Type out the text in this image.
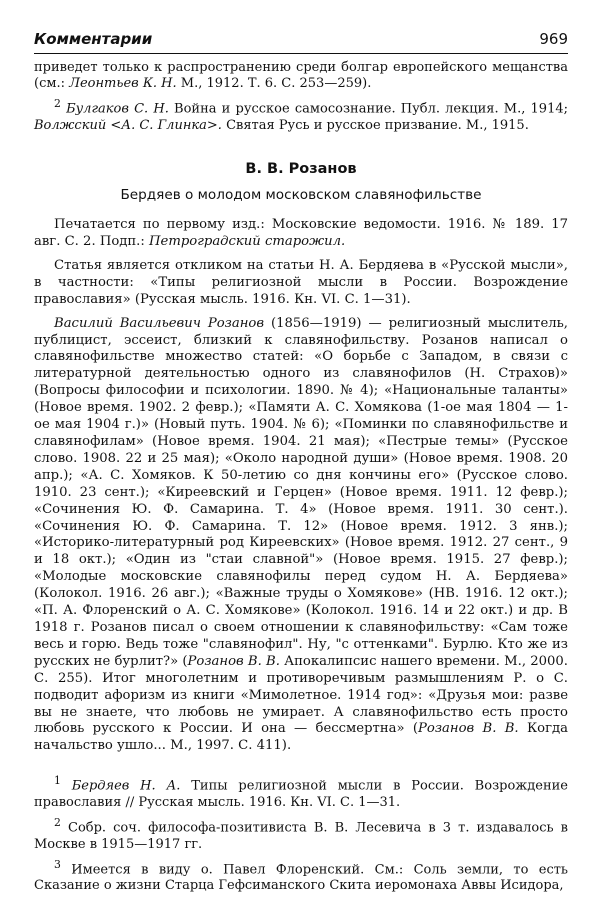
Комментарии	969

приведет только к распространению среди болгар европейского мещанства (см.: Леонтьев К. Н. М., 1912. Т. 6. С. 253—259).

$^2$ Булгаков С. Н. Война и русское самосознание. Публ. лекция. М., 1914; Волжский <А. С. Глинка>. Святая Русь и русское призвание. М., 1915.

В. В. Розанов
Бердяев о молодом московском славянофильстве

Печатается по первому изд.: Московские ведомости. 1916. № 189. 17 авг. С. 2. Подп.: Петроградский старожил.

Статья является откликом на статьи Н. А. Бердяева в «Русской мысли», в частности: «Типы религиозной мысли в России. Возрождение православия» (Русская мысль. 1916. Кн. VI. С. 1—31).

Василий Васильевич Розанов (1856—1919) — религиозный мыслитель, публицист, эссеист, близкий к славянофильству. Розанов написал о славянофильстве множество статей: «О борьбе с Западом, в связи с литературной деятельностью одного из славянофилов (Н. Страхов)» (Вопросы философии и психологии. 1890. № 4); «Национальные таланты» (Новое время. 1902. 2 февр.); «Памяти А. С. Хомякова (1-ое мая 1804 — 1-ое мая 1904 г.)» (Новый путь. 1904. № 6); «Поминки по славянофильстве и славянофилам» (Новое время. 1904. 21 мая); «Пестрые темы» (Русское слово. 1908. 22 и 25 мая); «Около народной души» (Новое время. 1908. 20 апр.); «А. С. Хомяков. К 50-летию со дня кончины его» (Русское слово. 1910. 23 сент.); «Киреевский и Герцен» (Новое время. 1911. 12 февр.); «Сочинения Ю. Ф. Самарина. Т. 4» (Новое время. 1911. 30 сент.). «Сочинения Ю. Ф. Самарина. Т. 12» (Новое время. 1912. 3 янв.); «Историко-литературный род Киреевских» (Новое время. 1912. 27 сент., 9 и 18 окт.); «Один из "стаи славной"» (Новое время. 1915. 27 февр.); «Молодые московские славянофилы перед судом Н. А. Бердяева» (Колокол. 1916. 26 авг.); «Важные труды о Хомякове» (НВ. 1916. 12 окт.); «П. А. Флоренский о А. С. Хомякове» (Колокол. 1916. 14 и 22 окт.) и др. В 1918 г. Розанов писал о своем отношении к славянофильству: «Сам тоже весь и горю. Ведь тоже "славянофил". Ну, "с оттенками". Бурлю. Кто же из русских не бурлит?» (Розанов В. В. Апокалипсис нашего времени. М., 2000. С. 255). Итог многолетним и противоречивым размышлениям Р. о С. подводит афоризм из книги «Мимолетное. 1914 год»: «Друзья мои: разве вы не знаете, что любовь не умирает. А славянофильство есть просто любовь русского к России. И она — бессмертна» (Розанов В. В. Когда начальство ушло... М., 1997. С. 411).

$^1$ Бердяев Н. А. Типы религиозной мысли в России. Возрождение православия // Русская мысль. 1916. Кн. VI. С. 1—31.

$^2$ Собр. соч. философа-позитивиста В. В. Лесевича в 3 т. издавалось в Москве в 1915—1917 гг.

$^3$ Имеется в виду о. Павел Флоренский. См.: Соль земли, то есть Сказание о жизни Старца Гефсиманского Скита иеромонаха Аввы Исидора,
